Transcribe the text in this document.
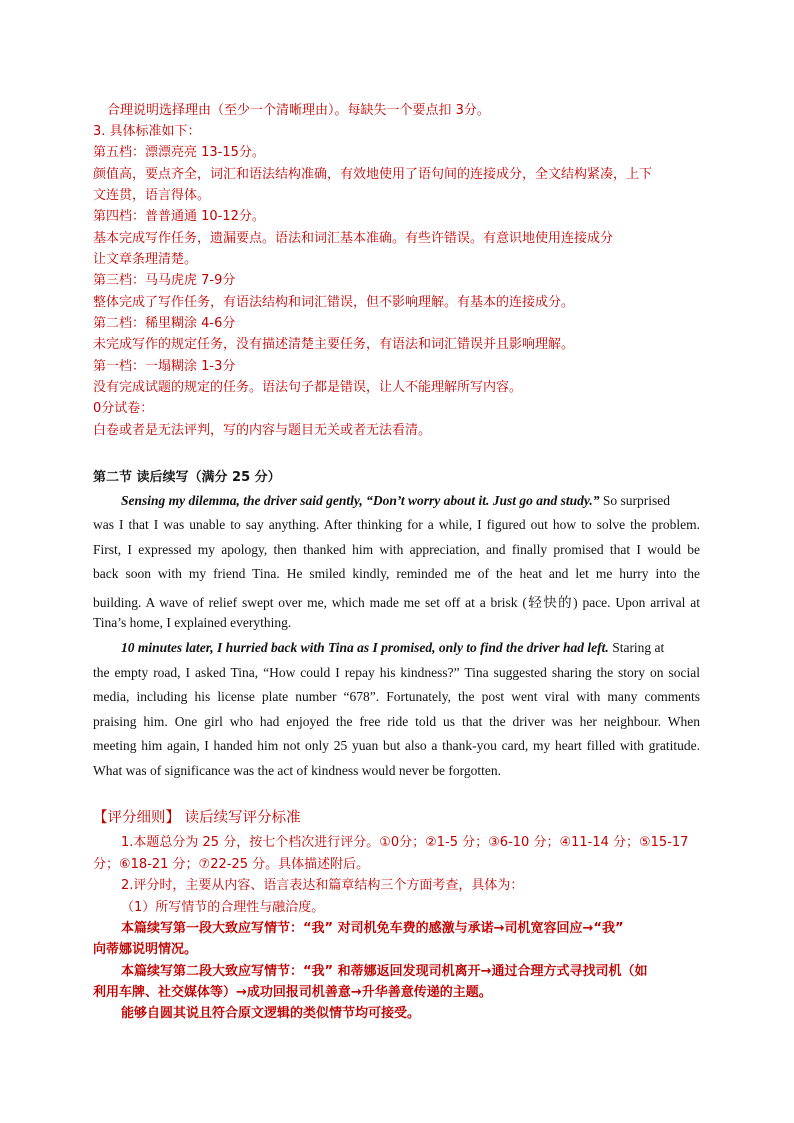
合理说明选择理由（至少一个清晰理由）。每缺失一个要点扣 3分。
3. 具体标准如下：
第五档：漂漂亮亮 13-15分。
颜值高，要点齐全，词汇和语法结构准确，有效地使用了语句间的连接成分，全文结构紧凑，上下
文连贯，语言得体。
第四档：普普通通 10-12分。
基本完成写作任务，遗漏要点。语法和词汇基本准确。有些许错误。有意识地使用连接成分
让文章条理清楚。
第三档：马马虎虎 7-9分
整体完成了写作任务，有语法结构和词汇错误，但不影响理解。有基本的连接成分。
第二档：稀里糊涂 4-6分
未完成写作的规定任务，没有描述清楚主要任务，有语法和词汇错误并且影响理解。
第一档：一塌糊涂 1-3分
没有完成试题的规定的任务。语法句子都是错误，让人不能理解所写内容。
0分试卷：
白卷或者是无法评判，写的内容与题目无关或者无法看清。
第二节 读后续写（满分 25 分）
Sensing my dilemma, the driver said gently, “Don’t worry about it. Just go and study.” So surprised
was I that I was unable to say anything. After thinking for a while, I figured out how to solve the problem.
First, I expressed my apology, then thanked him with appreciation, and finally promised that I would be
back soon with my friend Tina. He smiled kindly, reminded me of the heat and let me hurry into the
building. A wave of relief swept over me, which made me set off at a brisk (轻快的) pace. Upon arrival at
Tina’s home, I explained everything.
10 minutes later, I hurried back with Tina as I promised, only to find the driver had left. Staring at
the empty road, I asked Tina, “How could I repay his kindness?” Tina suggested sharing the story on social
media, including his license plate number “678”. Fortunately, the post went viral with many comments
praising him. One girl who had enjoyed the free ride told us that the driver was her neighbour. When
meeting him again, I handed him not only 25 yuan but also a thank-you card, my heart filled with gratitude.
What was of significance was the act of kindness would never be forgotten.
【评分细则】 读后续写评分标准
1.本题总分为 25 分，按七个档次进行评分。①0分；②1-5 分；③6-10 分；④11-14 分；⑤15-17
分；⑥18-21 分；⑦22-25 分。具体描述附后。
2.评分时，主要从内容、语言表达和篇章结构三个方面考查，具体为：
（1）所写情节的合理性与融洽度。
本篇续写第一段大致应写情节：“我” 对司机免车费的感激与承诺→司机宽容回应→“我”
向蒂娜说明情况。
本篇续写第二段大致应写情节：“我” 和蒂娜返回发现司机离开→通过合理方式寻找司机（如
利用车牌、社交媒体等）→成功回报司机善意→升华善意传递的主题。
能够自圆其说且符合原文逻辑的类似情节均可接受。
